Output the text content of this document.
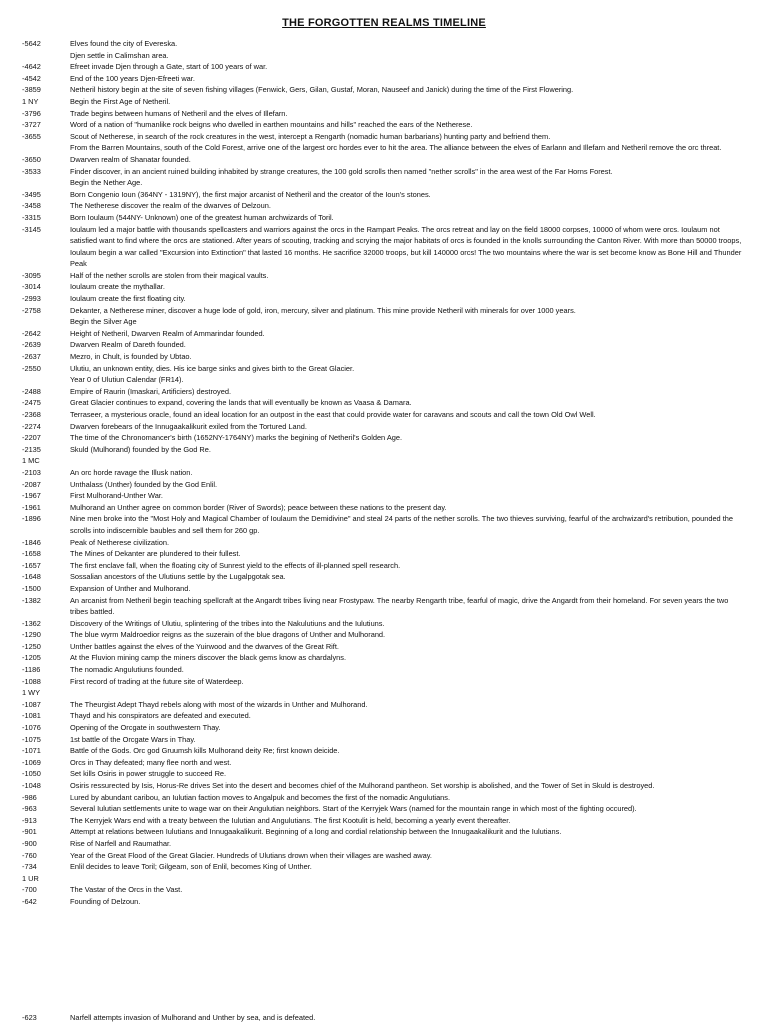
THE FORGOTTEN REALMS TIMELINE
-5642	Elves found the city of Evereska.
Djen settle in Calimshan area.
-4642	Efreet invade Djen through a Gate, start of 100 years of war.
-4542	End of the 100 years Djen-Efreeti war.
-3859	Netheril history begin at the site of seven fishing villages (Fenwick, Gers, Gilan, Gustaf, Moran, Nauseef and Janick) during the time of the First Flowering.
1 NY	Begin the First Age of Netheril.
-3796	Trade begins between humans of Netheril and the elves of Illefarn.
-3727	Word of a nation of "humanlike rock beigns who dwelled in earthen mountains and hills" reached the ears of the Netherese.
-3655	Scout of Netherese, in search of the rock creatures in the west, intercept a Rengarth (nomadic human barbarians) hunting party and befriend them.
From the Barren Mountains, south of the Cold Forest, arrive one of the largest orc hordes ever to hit the area. The alliance between the elves of Earlann and Illefarn and Netheril remove the orc threat.
-3650	Dwarven realm of Shanatar founded.
-3533	Finder discover, in an ancient ruined building inhabited by strange creatures, the 100 gold scrolls then named "nether scrolls" in the area west of the Far Horns Forest.
Begin the Nether Age.
-3495	Born Congenio Ioun (364NY - 1319NY), the first major arcanist of Netheril and the creator of the Ioun's stones.
-3458	The Netherese discover the realm of the dwarves of Delzoun.
-3315	Born Ioulaum (544NY- Unknown) one of the greatest human archwizards of Toril.
-3145	Ioulaum led a major battle with thousands spellcasters and warriors against the orcs in the Rampart Peaks. The orcs retreat and lay on the field 18000 corpses, 10000 of whom were orcs. Ioulaum not satisfied want to find where the orcs are stationed. After years of scouting, tracking and scrying the major habitats of orcs is founded in the knolls surrounding the Canton River. With more than 50000 troops, Ioulaum begin a war called "Excursion into Extinction" that lasted 16 months. He sacrifice 32000 troops, but kill 140000 orcs! The two mountains where the war is set become know as Bone Hill and Thunder Peak
-3095	Half of the nether scrolls are stolen from their magical vaults.
-3014	Ioulaum create the mythallar.
-2993	Ioulaum create the first floating city.
-2758	Dekanter, a Netherese miner, discover a huge lode of gold, iron, mercury, silver and platinum. This mine provide Netheril with minerals for over 1000 years.
Begin the Silver Age
-2642	Height of Netheril, Dwarven Realm of Ammarindar founded.
-2639	Dwarven Realm of Dareth founded.
-2637	Mezro, in Chult, is founded by Ubtao.
-2550	Ulutiu, an unknown entity, dies. His ice barge sinks and gives birth to the Great Glacier.
Year 0 of Ulutiun Calendar (FR14).
-2488	Empire of Raurin (Imaskari, Artificiers) destroyed.
-2475	Great Glacier continues to expand, covering the lands that will eventually be known as Vaasa & Damara.
-2368	Terraseer, a mysterious oracle, found an ideal location for an outpost in the east that could provide water for caravans and scouts and call the town Old Owl Well.
-2274	Dwarven forebears of the Innugaakalikurit exiled from the Tortured Land.
-2207	The time of the Chronomancer's birth (1652NY-1764NY) marks the begining of Netheril's Golden Age.
-2135	Skuld (Mulhorand) founded by the God Re.
1 MC
-2103	An orc horde ravage the Illusk nation.
-2087	Unthalass (Unther) founded by the God Enlil.
-1967	First Mulhorand-Unther War.
-1961	Mulhorand an Unther agree on common border (River of Swords); peace between these nations to the present day.
-1896	Nine men broke into the "Most Holy and Magical Chamber of Ioulaum the Demidivine" and steal 24 parts of the nether scrolls. The two thieves surviving, fearful of the archwizard's retribution, pounded the scrolls into indiscernible baubles and sell them for 260 gp.
-1846	Peak of Netherese civilization.
-1658	The Mines of Dekanter are plundered to their fullest.
-1657	The first enclave fall, when the floating city of Sunrest yield to the effects of ill-planned spell research.
-1648	Sossalian ancestors of the Ulutiuns settle by the Lugalpgotak sea.
-1500	Expansion of Unther and Mulhorand.
-1382	An arcanist from Netheril begin teaching spellcraft at the Angardt tribes living near Frostypaw. The nearby Rengarth tribe, fearful of magic, drive the Angardt from their homeland. For seven years the two tribes battled.
-1362	Discovery of the Writings of Ulutiu, splintering of the tribes into the Nakulutiuns and the Iulutiuns.
-1290	The blue wyrm Maldroedior reigns as the suzerain of the blue dragons of Unther and Mulhorand.
-1250	Unther battles against the elves of the Yuirwood and the dwarves of the Great Rift.
-1205	At the Fluvion mining camp the miners discover the black gems know as chardalyns.
-1186	The nomadic Angulutiuns founded.
-1088	First record of trading at the future site of Waterdeep.
1 WY
-1087	The Theurgist Adept Thayd rebels along with most of the wizards in Unther and Mulhorand.
-1081	Thayd and his conspirators are defeated and executed.
-1076	Opening of the Orcgate in southwestern Thay.
-1075	1st battle of the Orcgate Wars in Thay.
-1071	Battle of the Gods. Orc god Gruumsh kills Mulhorand deity Re; first known deicide.
-1069	Orcs in Thay defeated; many flee north and west.
-1050	Set kills Osiris in power struggle to succeed Re.
-1048	Osiris ressurected by Isis, Horus-Re drives Set into the desert and becomes chief of the Mulhorand pantheon. Set worship is abolished, and the Tower of Set in Skuld is destroyed.
-986	Lured by abundant caribou, an Iulutian faction moves to Angalpuk and becomes the first of the nomadic Angulutians.
-963	Several Iulutian settlements unite to wage war on their Angulutian neighbors. Start of the Kerryjek Wars (named for the mountain range in which most of the fighting occured).
-913	The Kerryjek Wars end with a treaty between the Iulutian and Angulutians. The first Kootulit is held, becoming a yearly event thereafter.
-901	Attempt at relations between Iulutians and Innugaakalikurit. Beginning of a long and cordial relationship between the Innugaakalikurit and the Iulutians.
-900	Rise of Narfell and Raumathar.
-760	Year of the Great Flood of the Great Glacier. Hundreds of Ulutians drown when their villages are washed away.
-734	Enlil decides to leave Toril; Gilgeam, son of Enlil, becomes King of Unther.
1 UR
-700	The Vastar of the Orcs in the Vast.
-642	Founding of Delzoun.
-623	Narfell attempts invasion of Mulhorand and Unther by sea, and is defeated.
